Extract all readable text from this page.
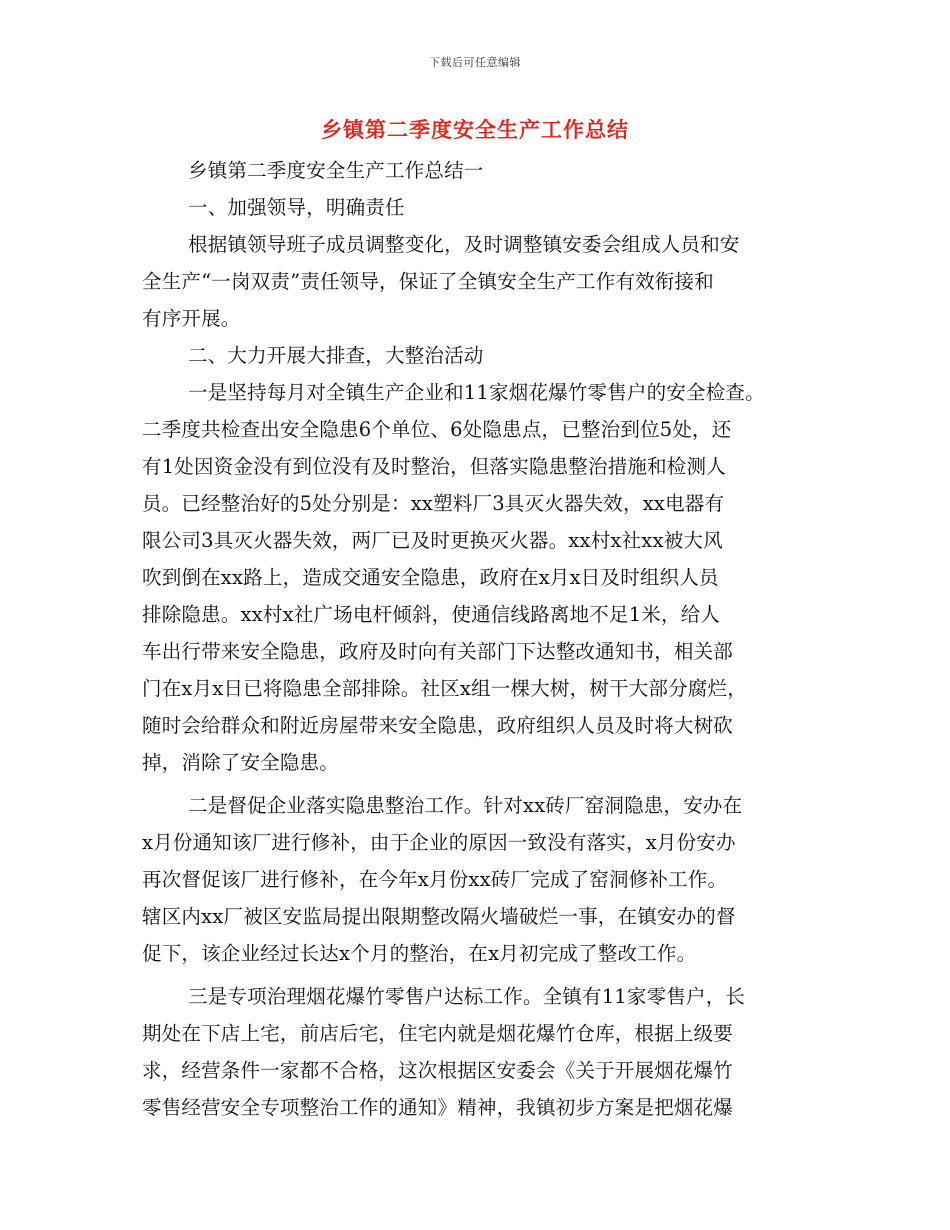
下载后可任意编辑
乡镇第二季度安全生产工作总结
乡镇第二季度安全生产工作总结一
一、加强领导，明确责任
根据镇领导班子成员调整变化，及时调整镇安委会组成人员和安
全生产“一岗双责”责任领导，保证了全镇安全生产工作有效衔接和
有序开展。
二、大力开展大排查，大整治活动
一是坚持每月对全镇生产企业和11家烟花爆竹零售户的安全检查。
二季度共检查出安全隐患6个单位、6处隐患点，已整治到位5处，还
有1处因资金没有到位没有及时整治，但落实隐患整治措施和检测人
员。已经整治好的5处分别是：xx塑料厂3具灭火器失效，xx电器有
限公司3具灭火器失效，两厂已及时更换灭火器。xx村x社xx被大风
吹到倒在xx路上，造成交通安全隐患，政府在x月x日及时组织人员
排除隐患。xx村x社广场电杆倾斜，使通信线路离地不足1米，给人
车出行带来安全隐患，政府及时向有关部门下达整改通知书，相关部
门在x月x日已将隐患全部排除。社区x组一棵大树，树干大部分腐烂，
随时会给群众和附近房屋带来安全隐患，政府组织人员及时将大树砍
掉，消除了安全隐患。
二是督促企业落实隐患整治工作。针对xx砖厂窑洞隐患，安办在
x月份通知该厂进行修补，由于企业的原因一致没有落实，x月份安办
再次督促该厂进行修补，在今年x月份xx砖厂完成了窑洞修补工作。
辖区内xx厂被区安监局提出限期整改隔火墙破烂一事，在镇安办的督
促下，该企业经过长达x个月的整治，在x月初完成了整改工作。
三是专项治理烟花爆竹零售户达标工作。全镇有11家零售户，长
期处在下店上宅，前店后宅，住宅内就是烟花爆竹仓库，根据上级要
求，经营条件一家都不合格，这次根据区安委会《关于开展烟花爆竹
零售经营安全专项整治工作的通知》精神，我镇初步方案是把烟花爆
